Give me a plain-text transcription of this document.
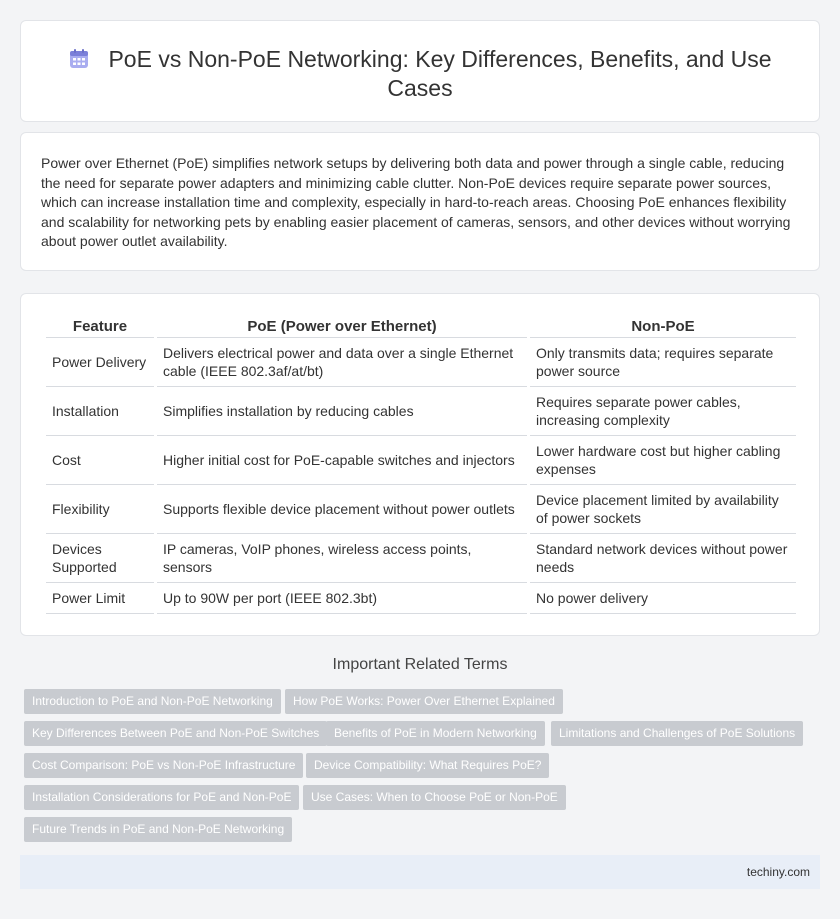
PoE vs Non-PoE Networking: Key Differences, Benefits, and Use Cases

Power over Ethernet (PoE) simplifies network setups by delivering both data and power through a single cable, reducing the need for separate power adapters and minimizing cable clutter. Non-PoE devices require separate power sources, which can increase installation time and complexity, especially in hard-to-reach areas. Choosing PoE enhances flexibility and scalability for networking pets by enabling easier placement of cameras, sensors, and other devices without worrying about power outlet availability.

Feature	PoE (Power over Ethernet)	Non-PoE
Power Delivery	Delivers electrical power and data over a single Ethernet cable (IEEE 802.3af/at/bt)	Only transmits data; requires separate power source
Installation	Simplifies installation by reducing cables	Requires separate power cables, increasing complexity
Cost	Higher initial cost for PoE-capable switches and injectors	Lower hardware cost but higher cabling expenses
Flexibility	Supports flexible device placement without power outlets	Device placement limited by availability of power sockets
Devices Supported	IP cameras, VoIP phones, wireless access points, sensors	Standard network devices without power needs
Power Limit	Up to 90W per port (IEEE 802.3bt)	No power delivery
Important Related Terms
Introduction to PoE and Non-PoE Networking	How PoE Works: Power Over Ethernet Explained
Key Differences Between PoE and Non-PoE Switches	Benefits of PoE in Modern Networking	Limitations and Challenges of PoE Solutions
Cost Comparison: PoE vs Non-PoE Infrastructure	Device Compatibility: What Requires PoE?
Installation Considerations for PoE and Non-PoE	Use Cases: When to Choose PoE or Non-PoE
Future Trends in PoE and Non-PoE Networking
techiny.com
